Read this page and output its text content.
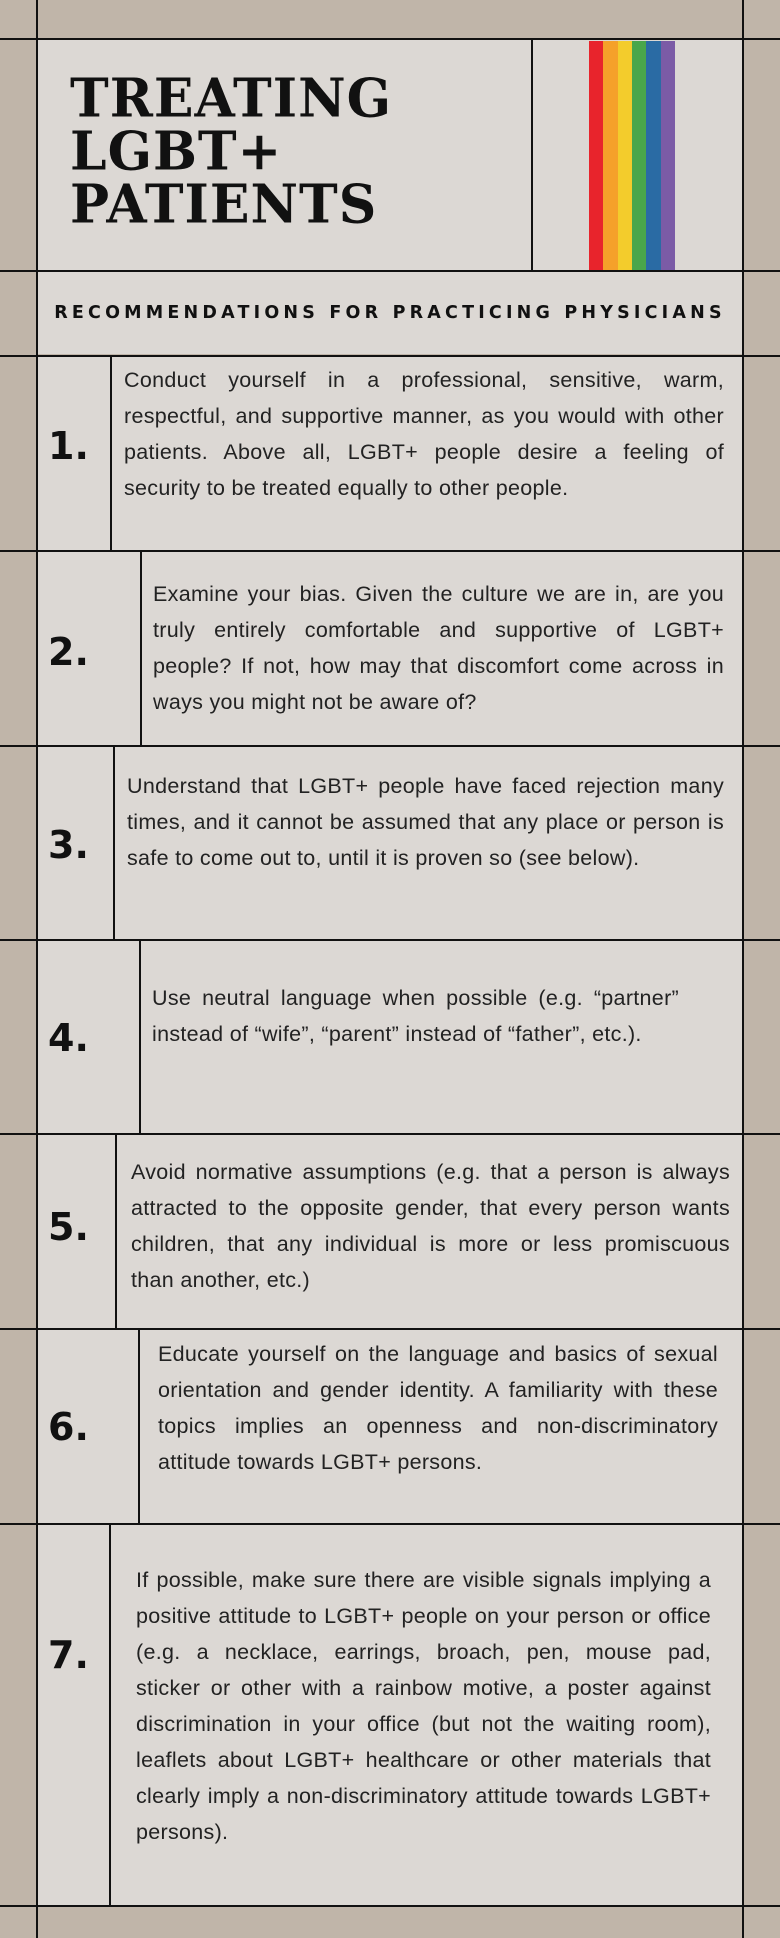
TREATING
LGBT+
PATIENTS
RECOMMENDATIONS FOR PRACTICING PHYSICIANS
1.
2.
3.
4.
5.
6.
7.
Conduct yourself in a professional, sensitive, warm, respectful, and supportive manner, as you would with other patients. Above all, LGBT+ people desire a feeling of security to be treated equally to other people.
Examine your bias. Given the culture we are in, are you truly entirely comfortable and supportive of LGBT+ people? If not, how may that discomfort come across in ways you might not be aware of?
Understand that LGBT+ people have faced rejection many times, and it cannot be assumed that any place or person is safe to come out to, until it is proven so (see below).
Use neutral language when possible (e.g. “partner” instead of “wife”, “parent” instead of “father”, etc.).
Avoid normative assumptions (e.g. that a person is always attracted to the opposite gender, that every person wants children, that any individual is more or less promiscuous than another, etc.)
Educate yourself on the language and basics of sexual orientation and gender identity. A familiarity with these topics implies an openness and non-discriminatory attitude towards LGBT+ persons.
If possible, make sure there are visible signals implying a positive attitude to LGBT+ people on your person or office (e.g. a necklace, earrings, broach, pen, mouse pad, sticker or other with a rainbow motive, a poster against discrimination in your office (but not the waiting room), leaflets about LGBT+ healthcare or other materials that clearly imply a non-discriminatory attitude towards LGBT+ persons).
